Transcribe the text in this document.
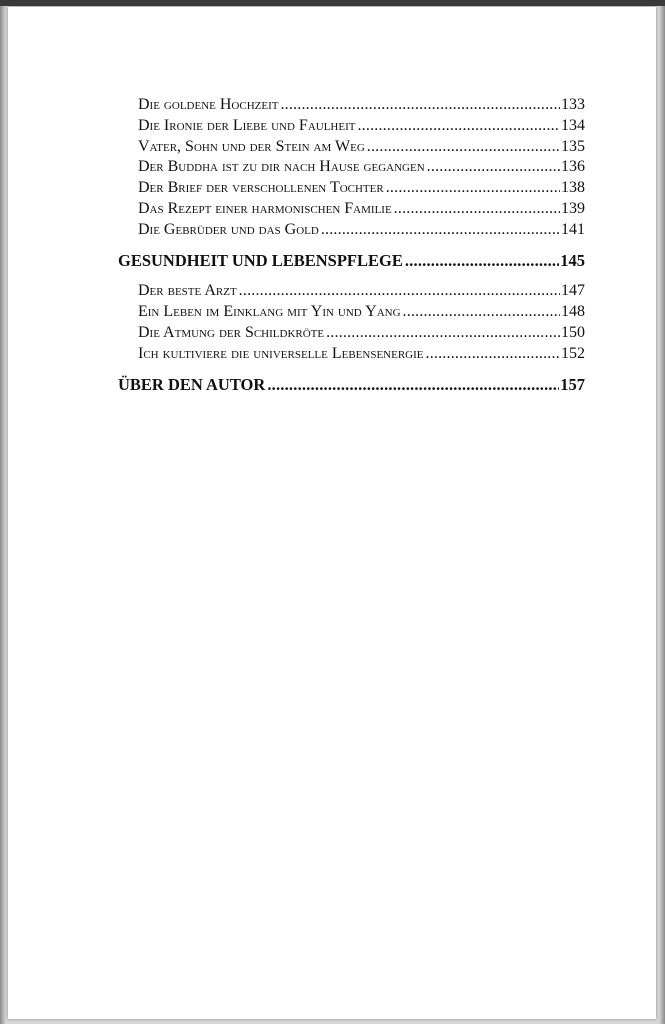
Die goldene Hochzeit .....	133
Die Ironie der Liebe und Faulheit .....	134
Vater, Sohn und der Stein am Weg .....	135
Der Buddha ist zu dir nach Hause gegangen .....	136
Der Brief der verschollenen Tochter .....	138
Das Rezept einer harmonischen Familie .....	139
Die Gebrüder und das Gold .....	141
GESUNDHEIT UND LEBENSPFLEGE .....	145
Der beste Arzt .....	147
Ein Leben im Einklang mit Yin und Yang .....	148
Die Atmung der Schildkröte .....	150
Ich kultiviere die universelle Lebensenergie .....	152
ÜBER DEN AUTOR .....	157
